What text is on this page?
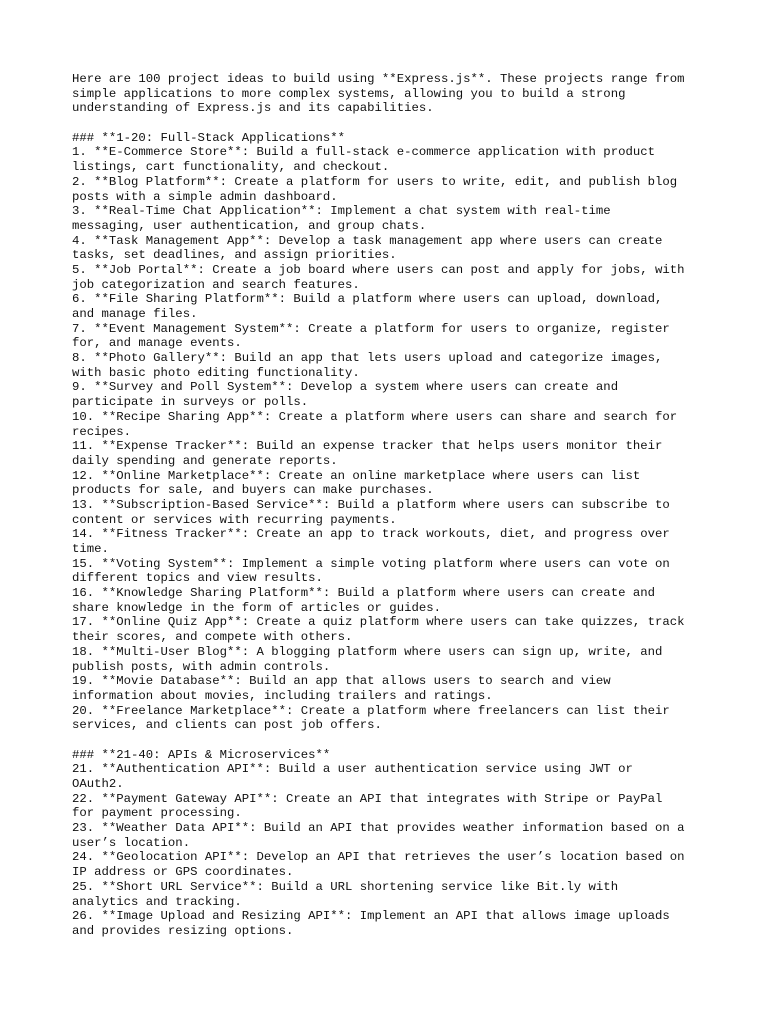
Here are 100 project ideas to build using **Express.js**. These projects range from
simple applications to more complex systems, allowing you to build a strong
understanding of Express.js and its capabilities.
### **1-20: Full-Stack Applications**
1. **E-Commerce Store**: Build a full-stack e-commerce application with product
listings, cart functionality, and checkout.
2. **Blog Platform**: Create a platform for users to write, edit, and publish blog
posts with a simple admin dashboard.
3. **Real-Time Chat Application**: Implement a chat system with real-time
messaging, user authentication, and group chats.
4. **Task Management App**: Develop a task management app where users can create
tasks, set deadlines, and assign priorities.
5. **Job Portal**: Create a job board where users can post and apply for jobs, with
job categorization and search features.
6. **File Sharing Platform**: Build a platform where users can upload, download,
and manage files.
7. **Event Management System**: Create a platform for users to organize, register
for, and manage events.
8. **Photo Gallery**: Build an app that lets users upload and categorize images,
with basic photo editing functionality.
9. **Survey and Poll System**: Develop a system where users can create and
participate in surveys or polls.
10. **Recipe Sharing App**: Create a platform where users can share and search for
recipes.
11. **Expense Tracker**: Build an expense tracker that helps users monitor their
daily spending and generate reports.
12. **Online Marketplace**: Create an online marketplace where users can list
products for sale, and buyers can make purchases.
13. **Subscription-Based Service**: Build a platform where users can subscribe to
content or services with recurring payments.
14. **Fitness Tracker**: Create an app to track workouts, diet, and progress over
time.
15. **Voting System**: Implement a simple voting platform where users can vote on
different topics and view results.
16. **Knowledge Sharing Platform**: Build a platform where users can create and
share knowledge in the form of articles or guides.
17. **Online Quiz App**: Create a quiz platform where users can take quizzes, track
their scores, and compete with others.
18. **Multi-User Blog**: A blogging platform where users can sign up, write, and
publish posts, with admin controls.
19. **Movie Database**: Build an app that allows users to search and view
information about movies, including trailers and ratings.
20. **Freelance Marketplace**: Create a platform where freelancers can list their
services, and clients can post job offers.
### **21-40: APIs & Microservices**
21. **Authentication API**: Build a user authentication service using JWT or
OAuth2.
22. **Payment Gateway API**: Create an API that integrates with Stripe or PayPal
for payment processing.
23. **Weather Data API**: Build an API that provides weather information based on a
user’s location.
24. **Geolocation API**: Develop an API that retrieves the user’s location based on
IP address or GPS coordinates.
25. **Short URL Service**: Build a URL shortening service like Bit.ly with
analytics and tracking.
26. **Image Upload and Resizing API**: Implement an API that allows image uploads
and provides resizing options.
